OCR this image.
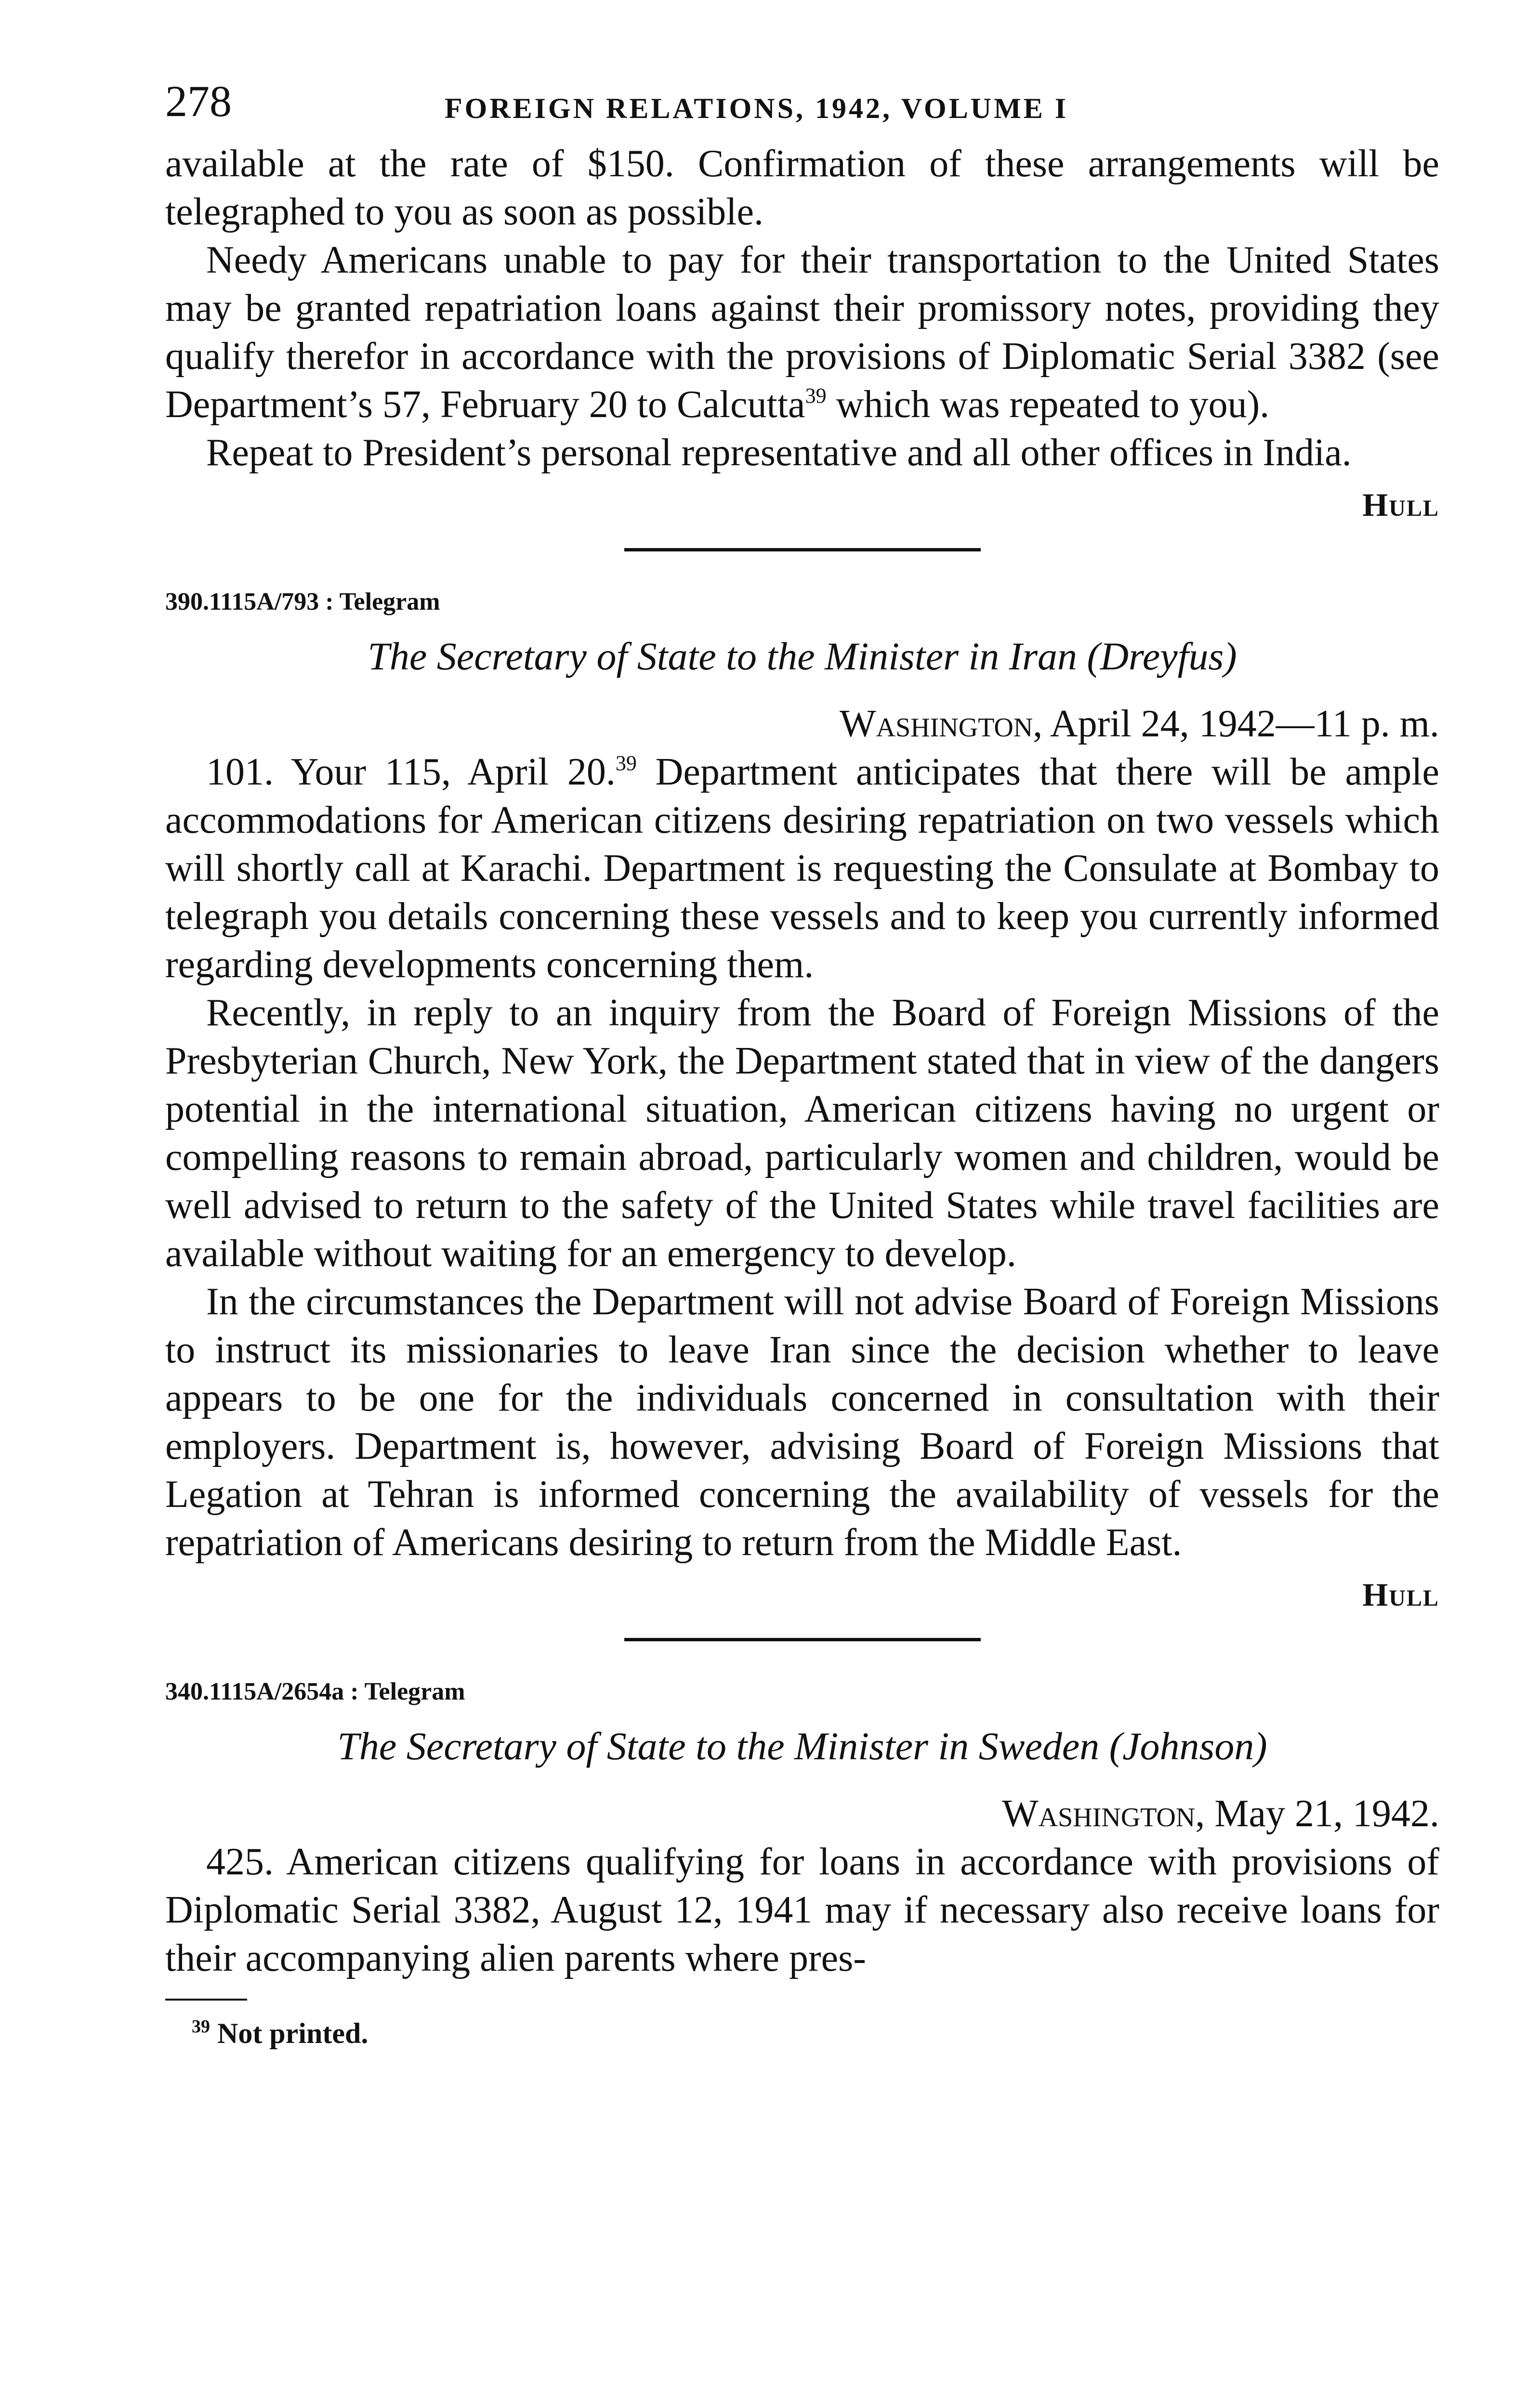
278	FOREIGN RELATIONS, 1942, VOLUME I

available at the rate of $150. Confirmation of these arrangements will be telegraphed to you as soon as possible.

Needy Americans unable to pay for their transportation to the United States may be granted repatriation loans against their promissory notes, providing they qualify therefor in accordance with the provisions of Diplomatic Serial 3382 (see Department’s 57, February 20 to Calcutta$^{39}$ which was repeated to you).

Repeat to President’s personal representative and all other offices in India.

Hull
390.1115A/793 : Telegram
The Secretary of State to the Minister in Iran (Dreyfus)
Washington, April 24, 1942—11 p. m.

101. Your 115, April 20.39 Department anticipates that there will be ample accommodations for American citizens desiring repatriation on two vessels which will shortly call at Karachi. Department is requesting the Consulate at Bombay to telegraph you details concerning these vessels and to keep you currently informed regarding developments concerning them.

Recently, in reply to an inquiry from the Board of Foreign Missions of the Presbyterian Church, New York, the Department stated that in view of the dangers potential in the international situation, American citizens having no urgent or compelling reasons to remain abroad, particularly women and children, would be well advised to return to the safety of the United States while travel facilities are available without waiting for an emergency to develop.

In the circumstances the Department will not advise Board of Foreign Missions to instruct its missionaries to leave Iran since the decision whether to leave appears to be one for the individuals concerned in consultation with their employers. Department is, however, advising Board of Foreign Missions that Legation at Tehran is informed concerning the availability of vessels for the repatriation of Americans desiring to return from the Middle East.

Hull
340.1115A/2654a : Telegram
The Secretary of State to the Minister in Sweden (Johnson)
Washington, May 21, 1942.

425. American citizens qualifying for loans in accordance with provisions of Diplomatic Serial 3382, August 12, 1941 may if necessary also receive loans for their accompanying alien parents where pres-

$^{39}$ Not printed.
